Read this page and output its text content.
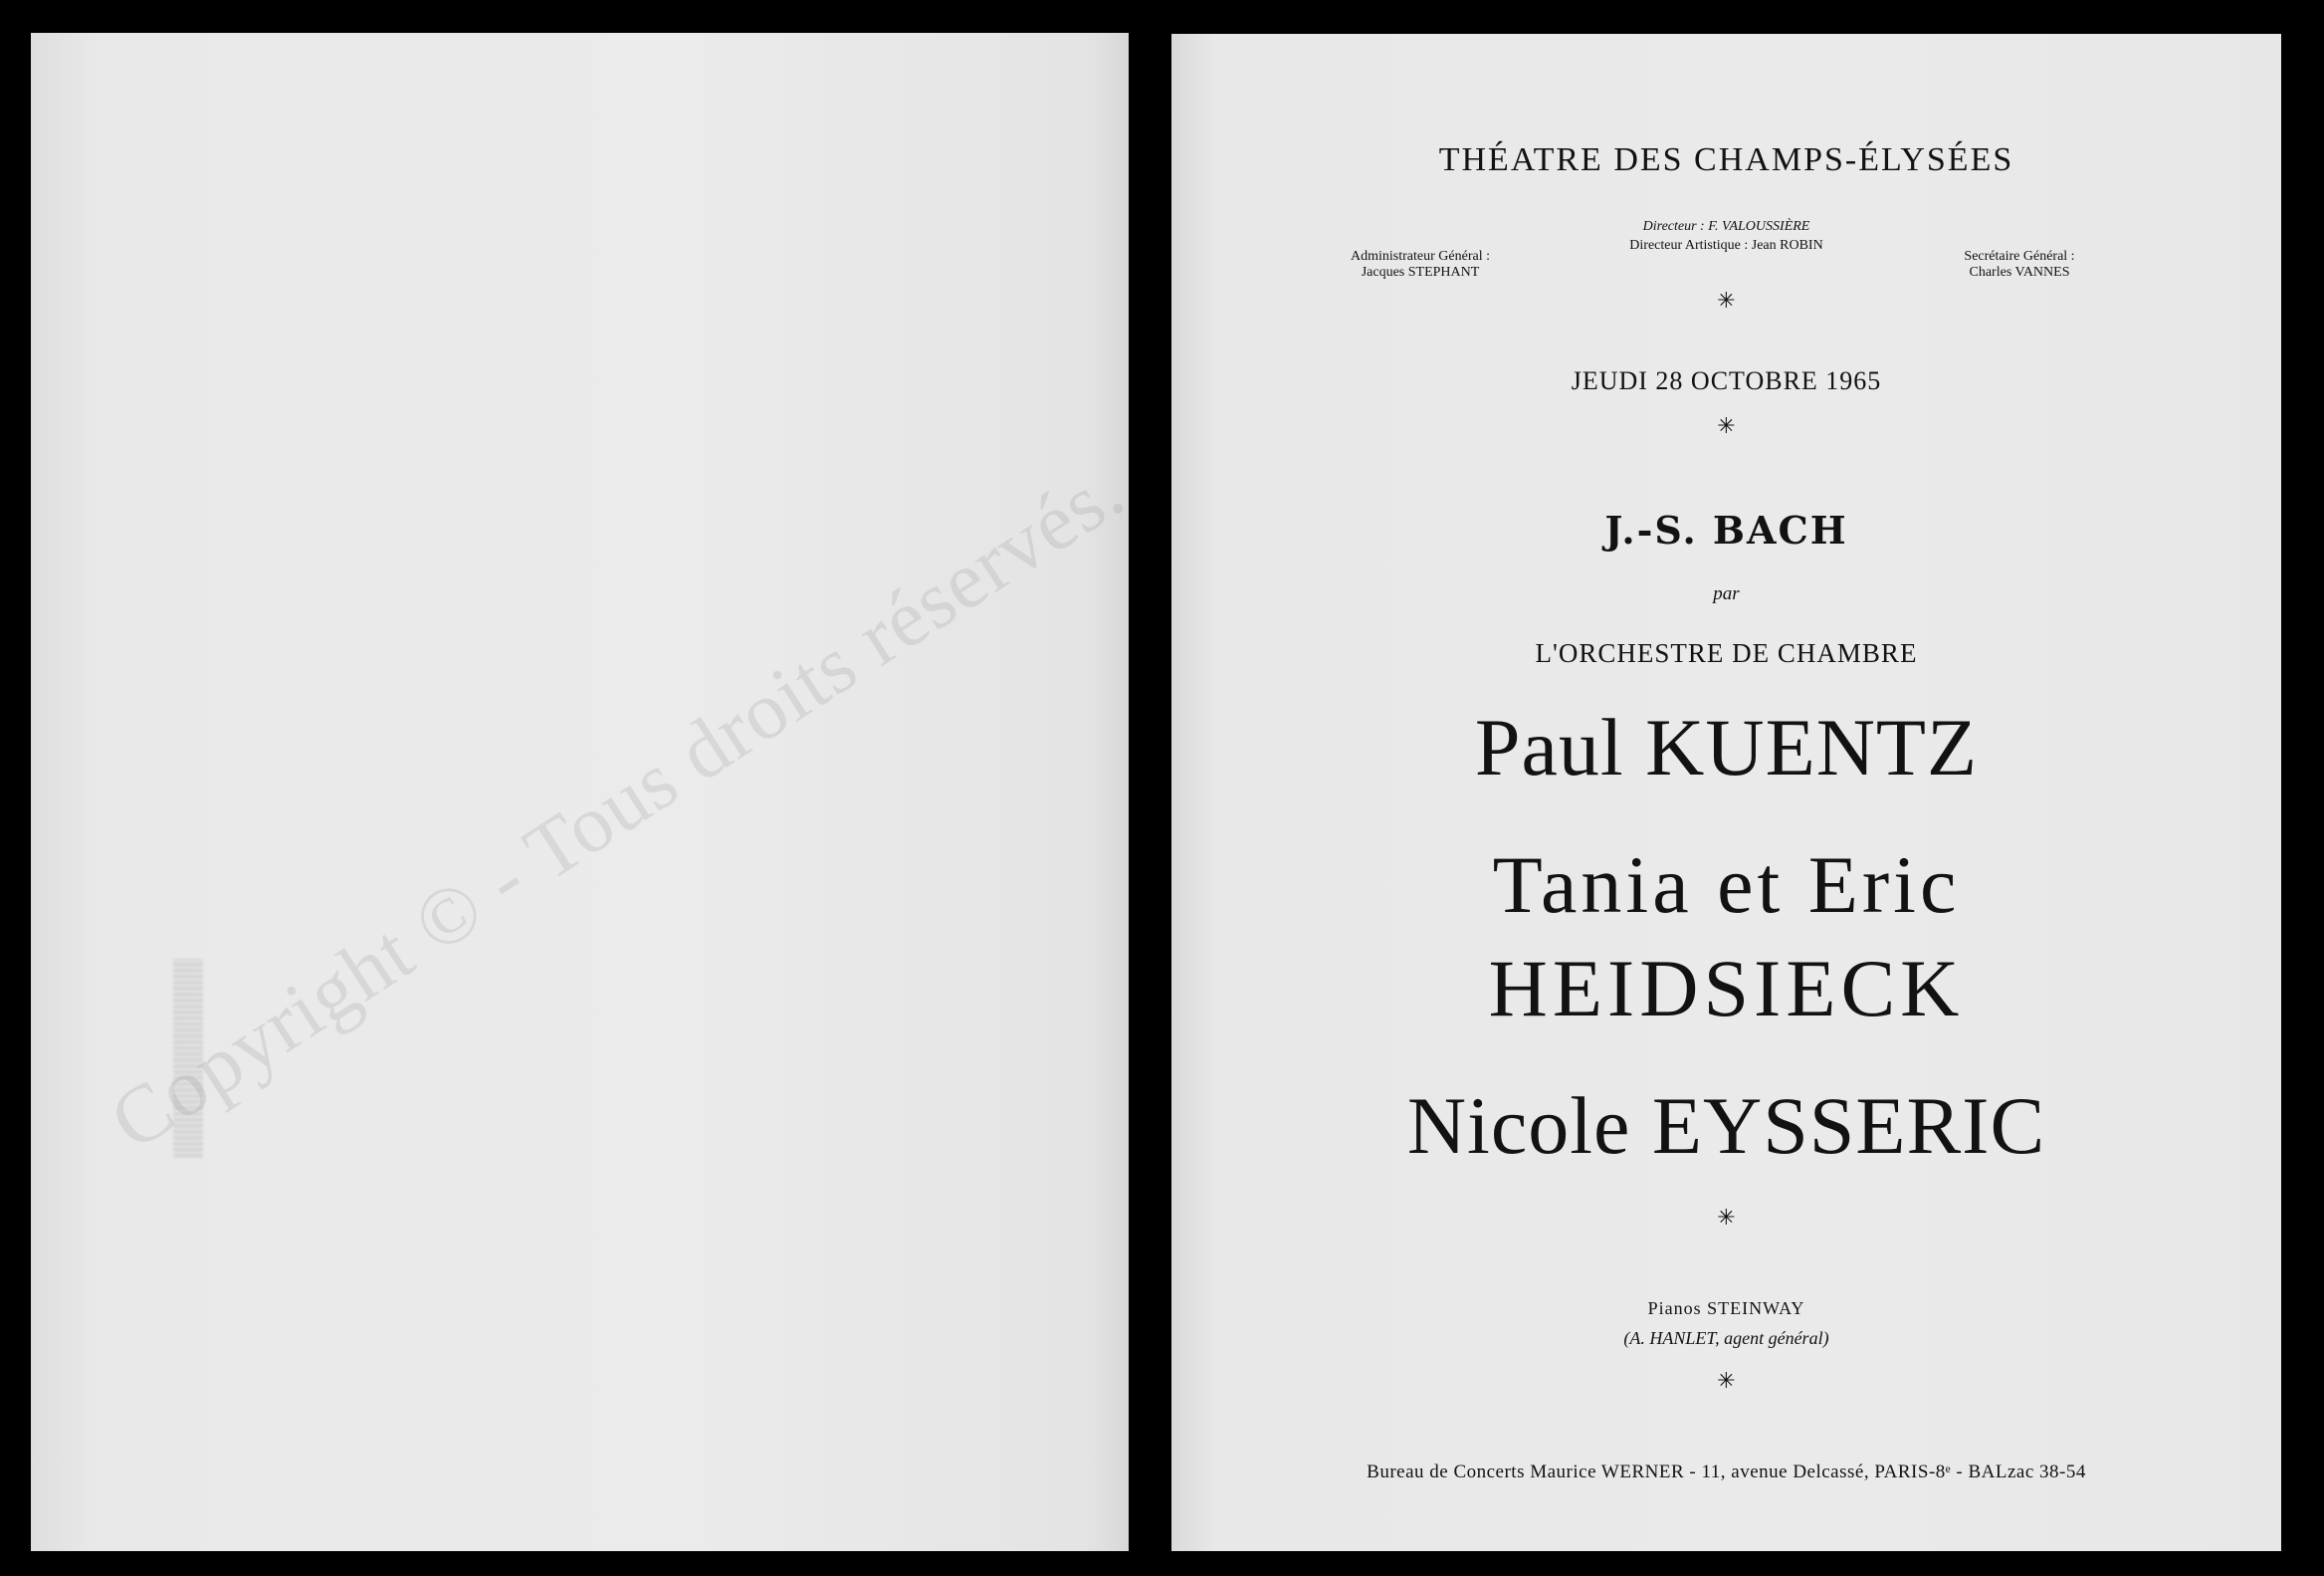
THÉATRE DES CHAMPS-ÉLYSÉES
Directeur : F. VALOUSSIÈRE
Directeur Artistique : Jean ROBIN
Administrateur Général :
Jacques STEPHANT
Secrétaire Général :
Charles VANNES
✳
JEUDI 28 OCTOBRE 1965
✳
J.-S. BACH
par
L'ORCHESTRE DE CHAMBRE
Paul KUENTZ
Tania et Eric
HEIDSIECK
Nicole EYSSERIC
✳
Pianos STEINWAY
(A. HANLET, agent général)
✳
Bureau de Concerts Maurice WERNER - 11, avenue Delcassé, PARIS-8ᵉ - BALzac 38-54
